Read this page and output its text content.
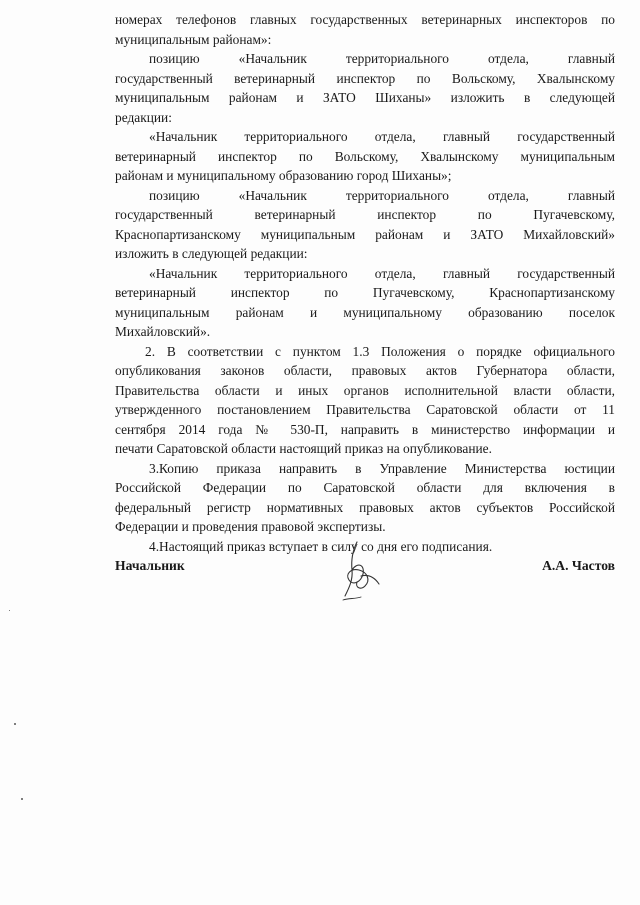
номерах телефонов главных государственных ветеринарных инспекторов по
муниципальным районам»:
позицию «Начальник территориального отдела, главный
государственный ветеринарный инспектор по Вольскому, Хвалынскому
муниципальным районам и ЗАТО Шиханы» изложить в следующей
редакции:
«Начальник территориального отдела, главный государственный
ветеринарный инспектор по Вольскому, Хвалынскому муниципальным
районам и муниципальному образованию город Шиханы»;
позицию «Начальник территориального отдела, главный
государственный ветеринарный инспектор по Пугачевскому,
Краснопартизанскому муниципальным районам и ЗАТО Михайловский»
изложить в следующей редакции:
«Начальник территориального отдела, главный государственный
ветеринарный инспектор по Пугачевскому, Краснопартизанскому
муниципальным районам и муниципальному образованию поселок
Михайловский».
2. В соответствии с пунктом 1.3 Положения о порядке официального
опубликования законов области, правовых актов Губернатора области,
Правительства области и иных органов исполнительной власти области,
утвержденного постановлением Правительства Саратовской области от 11
сентября 2014 года № 530-П, направить в министерство информации и
печати Саратовской области настоящий приказ на опубликование.
3.Копию приказа направить в Управление Министерства юстиции
Российской Федерации по Саратовской области для включения в
федеральный регистр нормативных правовых актов субъектов Российской
Федерации и проведения правовой экспертизы.
4.Настоящий приказ вступает в силу со дня его подписания.
Начальник	А.А. Частов
